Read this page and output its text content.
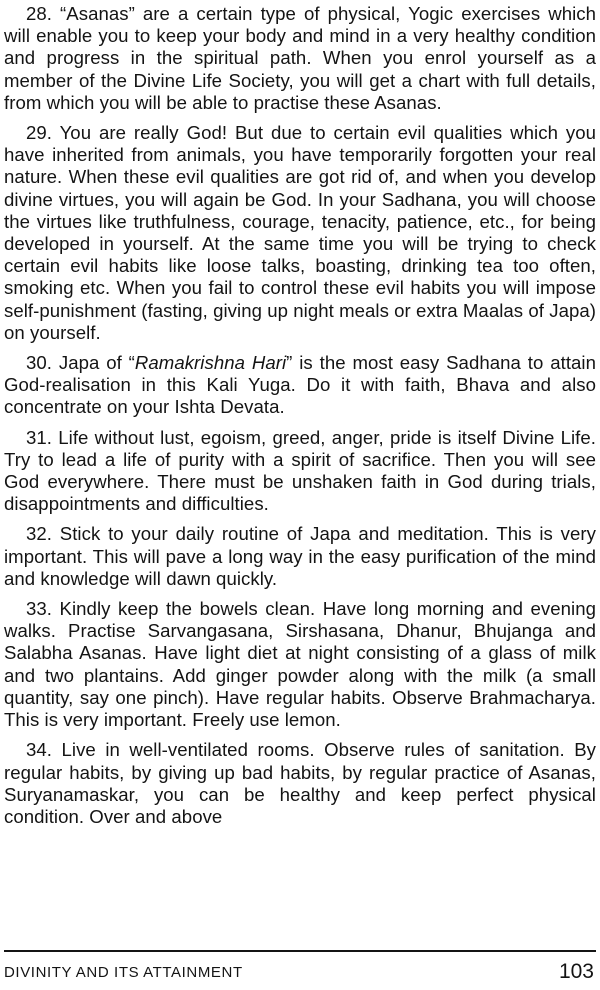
28. “Asanas” are a certain type of physical, Yogic exercises which will enable you to keep your body and mind in a very healthy condition and progress in the spiritual path. When you enrol yourself as a member of the Divine Life Society, you will get a chart with full details, from which you will be able to practise these Asanas.

29. You are really God! But due to certain evil qualities which you have inherited from animals, you have temporarily forgotten your real nature. When these evil qualities are got rid of, and when you develop divine virtues, you will again be God. In your Sadhana, you will choose the virtues like truthfulness, courage, tenacity, patience, etc., for being developed in yourself. At the same time you will be trying to check certain evil habits like loose talks, boasting, drinking tea too often, smoking etc. When you fail to control these evil habits you will impose self-punishment (fasting, giving up night meals or extra Maalas of Japa) on yourself.

30. Japa of “Ramakrishna Hari” is the most easy Sadhana to attain God-realisation in this Kali Yuga. Do it with faith, Bhava and also concentrate on your Ishta Devata.

31. Life without lust, egoism, greed, anger, pride is itself Divine Life. Try to lead a life of purity with a spirit of sacrifice. Then you will see God everywhere. There must be unshaken faith in God during trials, disappointments and difficulties.

32. Stick to your daily routine of Japa and meditation. This is very important. This will pave a long way in the easy purification of the mind and knowledge will dawn quickly.

33. Kindly keep the bowels clean. Have long morning and evening walks. Practise Sarvangasana, Sirshasana, Dhanur, Bhujanga and Salabha Asanas. Have light diet at night consisting of a glass of milk and two plantains. Add ginger powder along with the milk (a small quantity, say one pinch). Have regular habits. Observe Brahmacharya. This is very important. Freely use lemon.

34. Live in well-ventilated rooms. Observe rules of sanitation. By regular habits, by giving up bad habits, by regular practice of Asanas, Suryanamaskar, you can be healthy and keep perfect physical condition. Over and above

DIVINITY AND ITS ATTAINMENT	103
